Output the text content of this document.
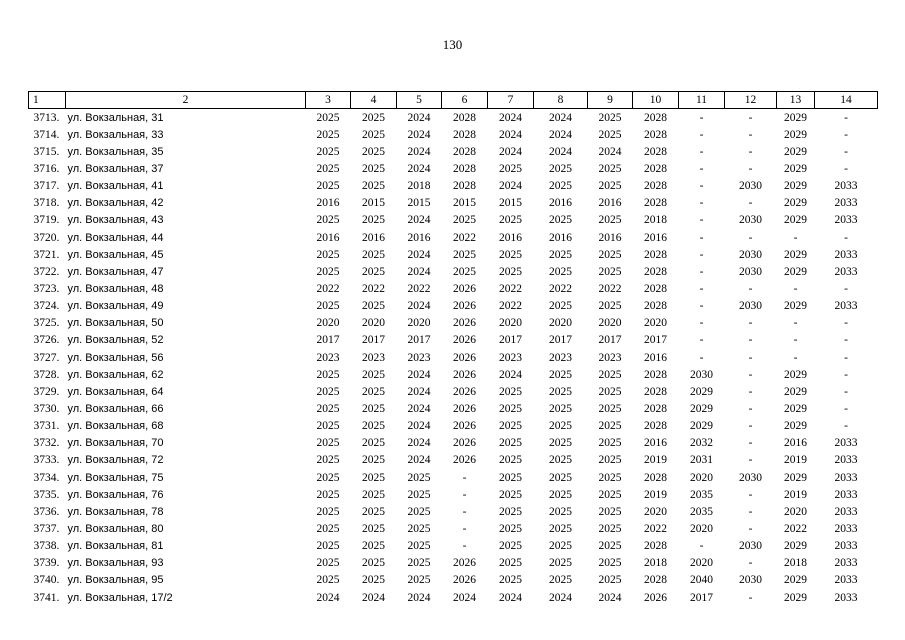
130
1	2	3	4	5	6	7	8	9	10	11	12	13	14
3713.	ул. Вокзальная, 31	2025	2025	2024	2028	2024	2024	2025	2028	-	-	2029	-
3714.	ул. Вокзальная, 33	2025	2025	2024	2028	2024	2024	2025	2028	-	-	2029	-
3715.	ул. Вокзальная, 35	2025	2025	2024	2028	2024	2024	2024	2028	-	-	2029	-
3716.	ул. Вокзальная, 37	2025	2025	2024	2028	2025	2025	2025	2028	-	-	2029	-
3717.	ул. Вокзальная, 41	2025	2025	2018	2028	2024	2025	2025	2028	-	2030	2029	2033
3718.	ул. Вокзальная, 42	2016	2015	2015	2015	2015	2016	2016	2028	-	-	2029	2033
3719.	ул. Вокзальная, 43	2025	2025	2024	2025	2025	2025	2025	2018	-	2030	2029	2033
3720.	ул. Вокзальная, 44	2016	2016	2016	2022	2016	2016	2016	2016	-	-	-	-
3721.	ул. Вокзальная, 45	2025	2025	2024	2025	2025	2025	2025	2028	-	2030	2029	2033
3722.	ул. Вокзальная, 47	2025	2025	2024	2025	2025	2025	2025	2028	-	2030	2029	2033
3723.	ул. Вокзальная, 48	2022	2022	2022	2026	2022	2022	2022	2028	-	-	-	-
3724.	ул. Вокзальная, 49	2025	2025	2024	2026	2022	2025	2025	2028	-	2030	2029	2033
3725.	ул. Вокзальная, 50	2020	2020	2020	2026	2020	2020	2020	2020	-	-	-	-
3726.	ул. Вокзальная, 52	2017	2017	2017	2026	2017	2017	2017	2017	-	-	-	-
3727.	ул. Вокзальная, 56	2023	2023	2023	2026	2023	2023	2023	2016	-	-	-	-
3728.	ул. Вокзальная, 62	2025	2025	2024	2026	2024	2025	2025	2028	2030	-	2029	-
3729.	ул. Вокзальная, 64	2025	2025	2024	2026	2025	2025	2025	2028	2029	-	2029	-
3730.	ул. Вокзальная, 66	2025	2025	2024	2026	2025	2025	2025	2028	2029	-	2029	-
3731.	ул. Вокзальная, 68	2025	2025	2024	2026	2025	2025	2025	2028	2029	-	2029	-
3732.	ул. Вокзальная, 70	2025	2025	2024	2026	2025	2025	2025	2016	2032	-	2016	2033
3733.	ул. Вокзальная, 72	2025	2025	2024	2026	2025	2025	2025	2019	2031	-	2019	2033
3734.	ул. Вокзальная, 75	2025	2025	2025	-	2025	2025	2025	2028	2020	2030	2029	2033
3735.	ул. Вокзальная, 76	2025	2025	2025	-	2025	2025	2025	2019	2035	-	2019	2033
3736.	ул. Вокзальная, 78	2025	2025	2025	-	2025	2025	2025	2020	2035	-	2020	2033
3737.	ул. Вокзальная, 80	2025	2025	2025	-	2025	2025	2025	2022	2020	-	2022	2033
3738.	ул. Вокзальная, 81	2025	2025	2025	-	2025	2025	2025	2028	-	2030	2029	2033
3739.	ул. Вокзальная, 93	2025	2025	2025	2026	2025	2025	2025	2018	2020	-	2018	2033
3740.	ул. Вокзальная, 95	2025	2025	2025	2026	2025	2025	2025	2028	2040	2030	2029	2033
3741.	ул. Вокзальная, 17/2	2024	2024	2024	2024	2024	2024	2024	2026	2017	-	2029	2033
